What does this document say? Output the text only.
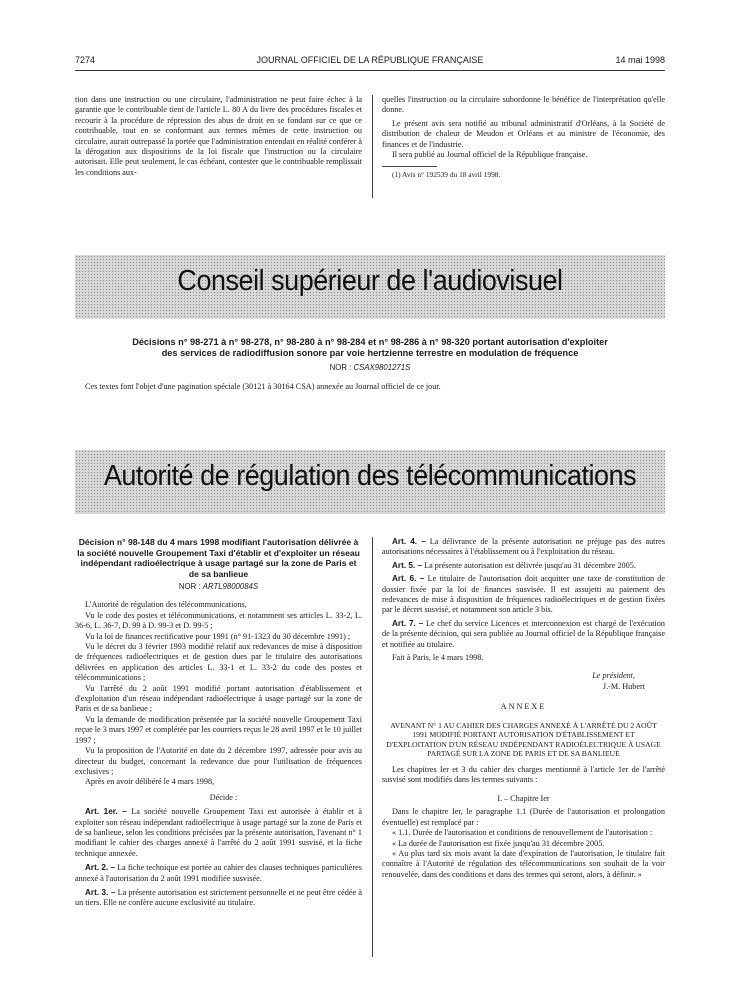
7274	JOURNAL OFFICIEL DE LA RÉPUBLIQUE FRANÇAISE	14 mai 1998

tion dans une instruction ou une circulaire, l'administration ne peut faire échec à la garantie que le contribuable tient de l'article L. 80 A du livre des procédures fiscales et recourir à la procédure de répression des abus de droit en se fondant sur ce que ce contribuable, tout en se conformant aux termes mêmes de cette instruction ou circulaire, aurait outrepassé la portée que l'administration entendait en réalité conférer à la dérogation aux dispositions de la loi fiscale que l'instruction ou la circulaire autorisait. Elle peut seulement, le cas échéant, contester que le contribuable remplissait les conditions aux-

quelles l'instruction ou la circulaire subordonne le bénéfice de l'interprétation qu'elle donne.

Le présent avis sera notifié au tribunal administratif d'Orléans, à la Société de distribution de chaleur de Meudon et Orléans et au ministre de l'économie, des finances et de l'industrie.

Il sera publié au Journal officiel de la République française.

(1) Avis n° 192539 du 18 avril 1998.

Conseil supérieur de l'audiovisuel
Décisions n° 98-271 à n° 98-278, n° 98-280 à n° 98-284 et n° 98-286 à n° 98-320 portant autorisation d'exploiter
des services de radiodiffusion sonore par voie hertzienne terrestre en modulation de fréquence
NOR : CSAX9801271S

Ces textes font l'objet d'une pagination spéciale (30121 à 30164 CSA) annexée au Journal officiel de ce jour.

Autorité de régulation des télécommunications
Décision n° 98-148 du 4 mars 1998 modifiant l'autorisation délivrée à la société nouvelle Groupement Taxi d'établir et d'exploiter un réseau indépendant radioélectrique à usage partagé sur la zone de Paris et de sa banlieue
NOR : ARTL9800084S

L'Autorité de régulation des télécommunications,

Vu le code des postes et télécommunications, et notamment ses articles L. 33-2, L. 36-6, L. 36-7, D. 99 à D. 99-3 et D. 99-5 ;

Vu la loi de finances rectificative pour 1991 (n° 91-1323 du 30 décembre 1991) ;

Vu le décret du 3 février 1993 modifié relatif aux redevances de mise à disposition de fréquences radioélectriques et de gestion dues par le titulaire des autorisations délivrées en application des articles L. 33-1 et L. 33-2 du code des postes et télécommunications ;

Vu l'arrêté du 2 août 1991 modifié portant autorisation d'établissement et d'exploitation d'un réseau indépendant radioélectrique à usage partagé sur la zone de Paris et de sa banlieue ;

Vu la demande de modification présentée par la société nouvelle Groupement Taxi reçue le 3 mars 1997 et complétée par les courriers reçus le 28 avril 1997 et le 10 juillet 1997 ;

Vu la proposition de l'Autorité en date du 2 décembre 1997, adressée pour avis au directeur du budget, concernant la redevance due pour l'utilisation de fréquences exclusives ;

Après en avoir délibéré le 4 mars 1998,

Décide :

Art. 1er. – La société nouvelle Groupement Taxi est autorisée à établir et à exploiter son réseau indépendant radioélectrique à usage partagé sur la zone de Paris et de sa banlieue, selon les conditions précisées par la présente autorisation, l'avenant n° 1 modifiant le cahier des charges annexé à l'arrêté du 2 août 1991 susvisé, et la fiche technique annexée.

Art. 2. – La fiche technique est portée au cahier des clauses techniques particulières annexé à l'autorisation du 2 août 1991 modifiée susvisée.

Art. 3. – La présente autorisation est strictement personnelle et ne peut être cédée à un tiers. Elle ne confère aucune exclusivité au titulaire.

Art. 4. – La délivrance de la présente autorisation ne préjuge pas des autres autorisations nécessaires à l'établissement ou à l'exploitation du réseau.

Art. 5. – La présente autorisation est délivrée jusqu'au 31 décembre 2005.

Art. 6. – Le titulaire de l'autorisation doit acquitter une taxe de constitution de dossier fixée par la loi de finances susvisée. Il est assujetti au paiement des redevances de mise à disposition de fréquences radioélectriques et de gestion fixées par le décret susvisé, et notamment son article 3 bis.

Art. 7. – Le chef du service Licences et interconnexion est chargé de l'exécution de la présente décision, qui sera publiée au Journal officiel de la République française et notifiée au titulaire.

Fait à Paris, le 4 mars 1998.

Le président,

J.-M. Hubert

ANNEXE

AVENANT N° 1 AU CAHIER DES CHARGES ANNEXÉ À L'ARRÊTÉ DU 2 AOÛT 1991 MODIFIÉ PORTANT AUTORISATION D'ÉTABLISSEMENT ET D'EXPLOITATION D'UN RÉSEAU INDÉPENDANT RADIOÉLECTRIQUE À USAGE PARTAGÉ SUR LA ZONE DE PARIS ET DE SA BANLIEUE

Les chapitres Ier et 3 du cahier des charges mentionné à l'article 1er de l'arrêté susvisé sont modifiés dans les termes suivants :

I. – Chapitre Ier

Dans le chapitre Ier, le paragraphe 1.1 (Durée de l'autorisation et prolongation éventuelle) est remplacé par :

« 1.1. Durée de l'autorisation et conditions de renouvellement de l'autorisation :

« La durée de l'autorisation est fixée jusqu'au 31 décembre 2005.

« Au plus tard six mois avant la date d'expiration de l'autorisation, le titulaire fait connaître à l'Autorité de régulation des télécommunications son souhait de la voir renouvelée, dans des conditions et dans des termes qui seront, alors, à définir. »
